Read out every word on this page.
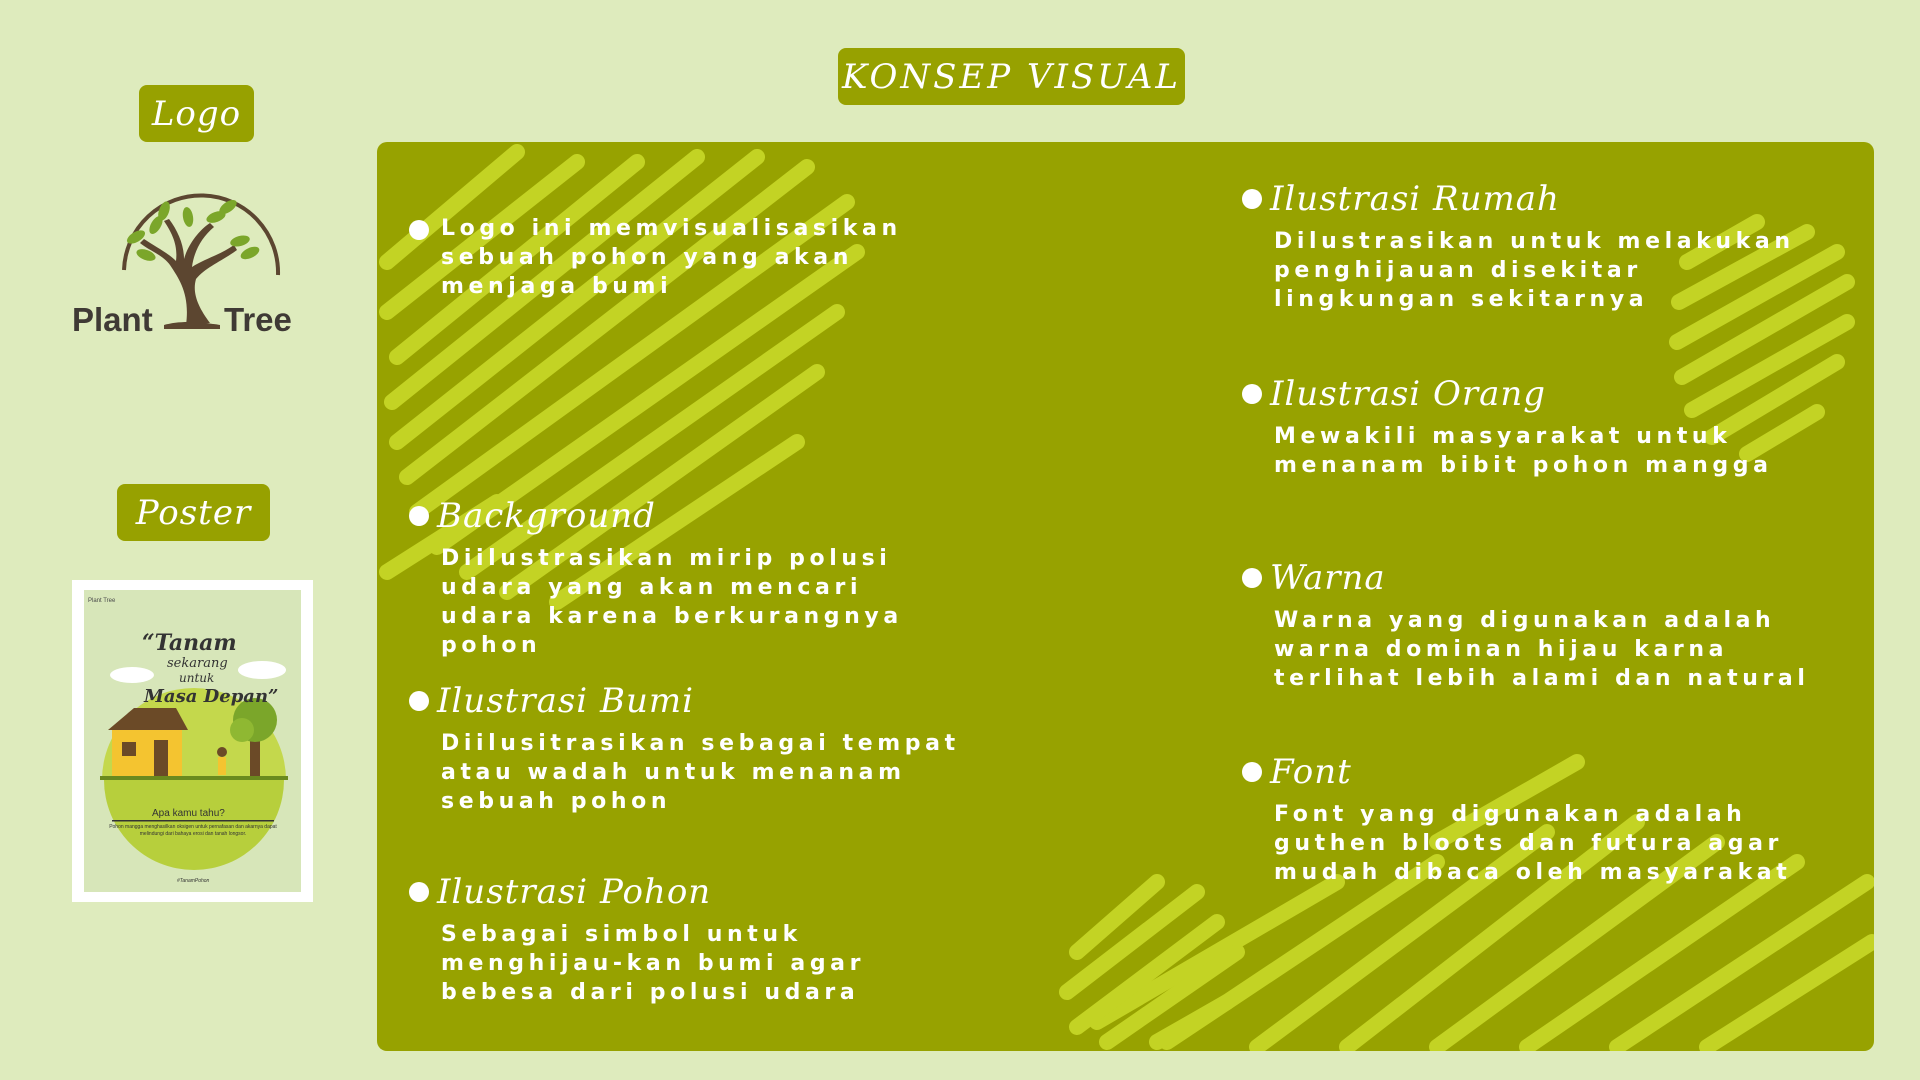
Logo
Poster
KONSEP VISUAL
Plant Tree
Plant Tree
“Tanam
sekarang
untuk
Masa Depan”
Apa kamu tahu?
Pohon mangga menghasilkan oksigen untuk pernafasan dan akarnya dapat melindungi dari bahaya erosi dan tanah longsor.
#TanamPohon
Logo ini memvisualisasikan sebuah pohon yang akan menjaga bumi
Background
Diilustrasikan mirip polusi udara yang akan mencari udara karena berkurangnya pohon
Ilustrasi Bumi
Diilusitrasikan sebagai tempat atau wadah untuk menanam sebuah pohon
Ilustrasi Pohon
Sebagai simbol untuk menghijau-kan bumi agar bebesa dari polusi udara
Ilustrasi Rumah
Dilustrasikan untuk melakukan penghijauan disekitar lingkungan sekitarnya
Ilustrasi Orang
Mewakili masyarakat untuk menanam bibit pohon mangga
Warna
Warna yang digunakan adalah warna dominan hijau karna terlihat lebih alami dan natural
Font
Font yang digunakan adalah guthen bloots dan futura agar mudah dibaca oleh masyarakat
